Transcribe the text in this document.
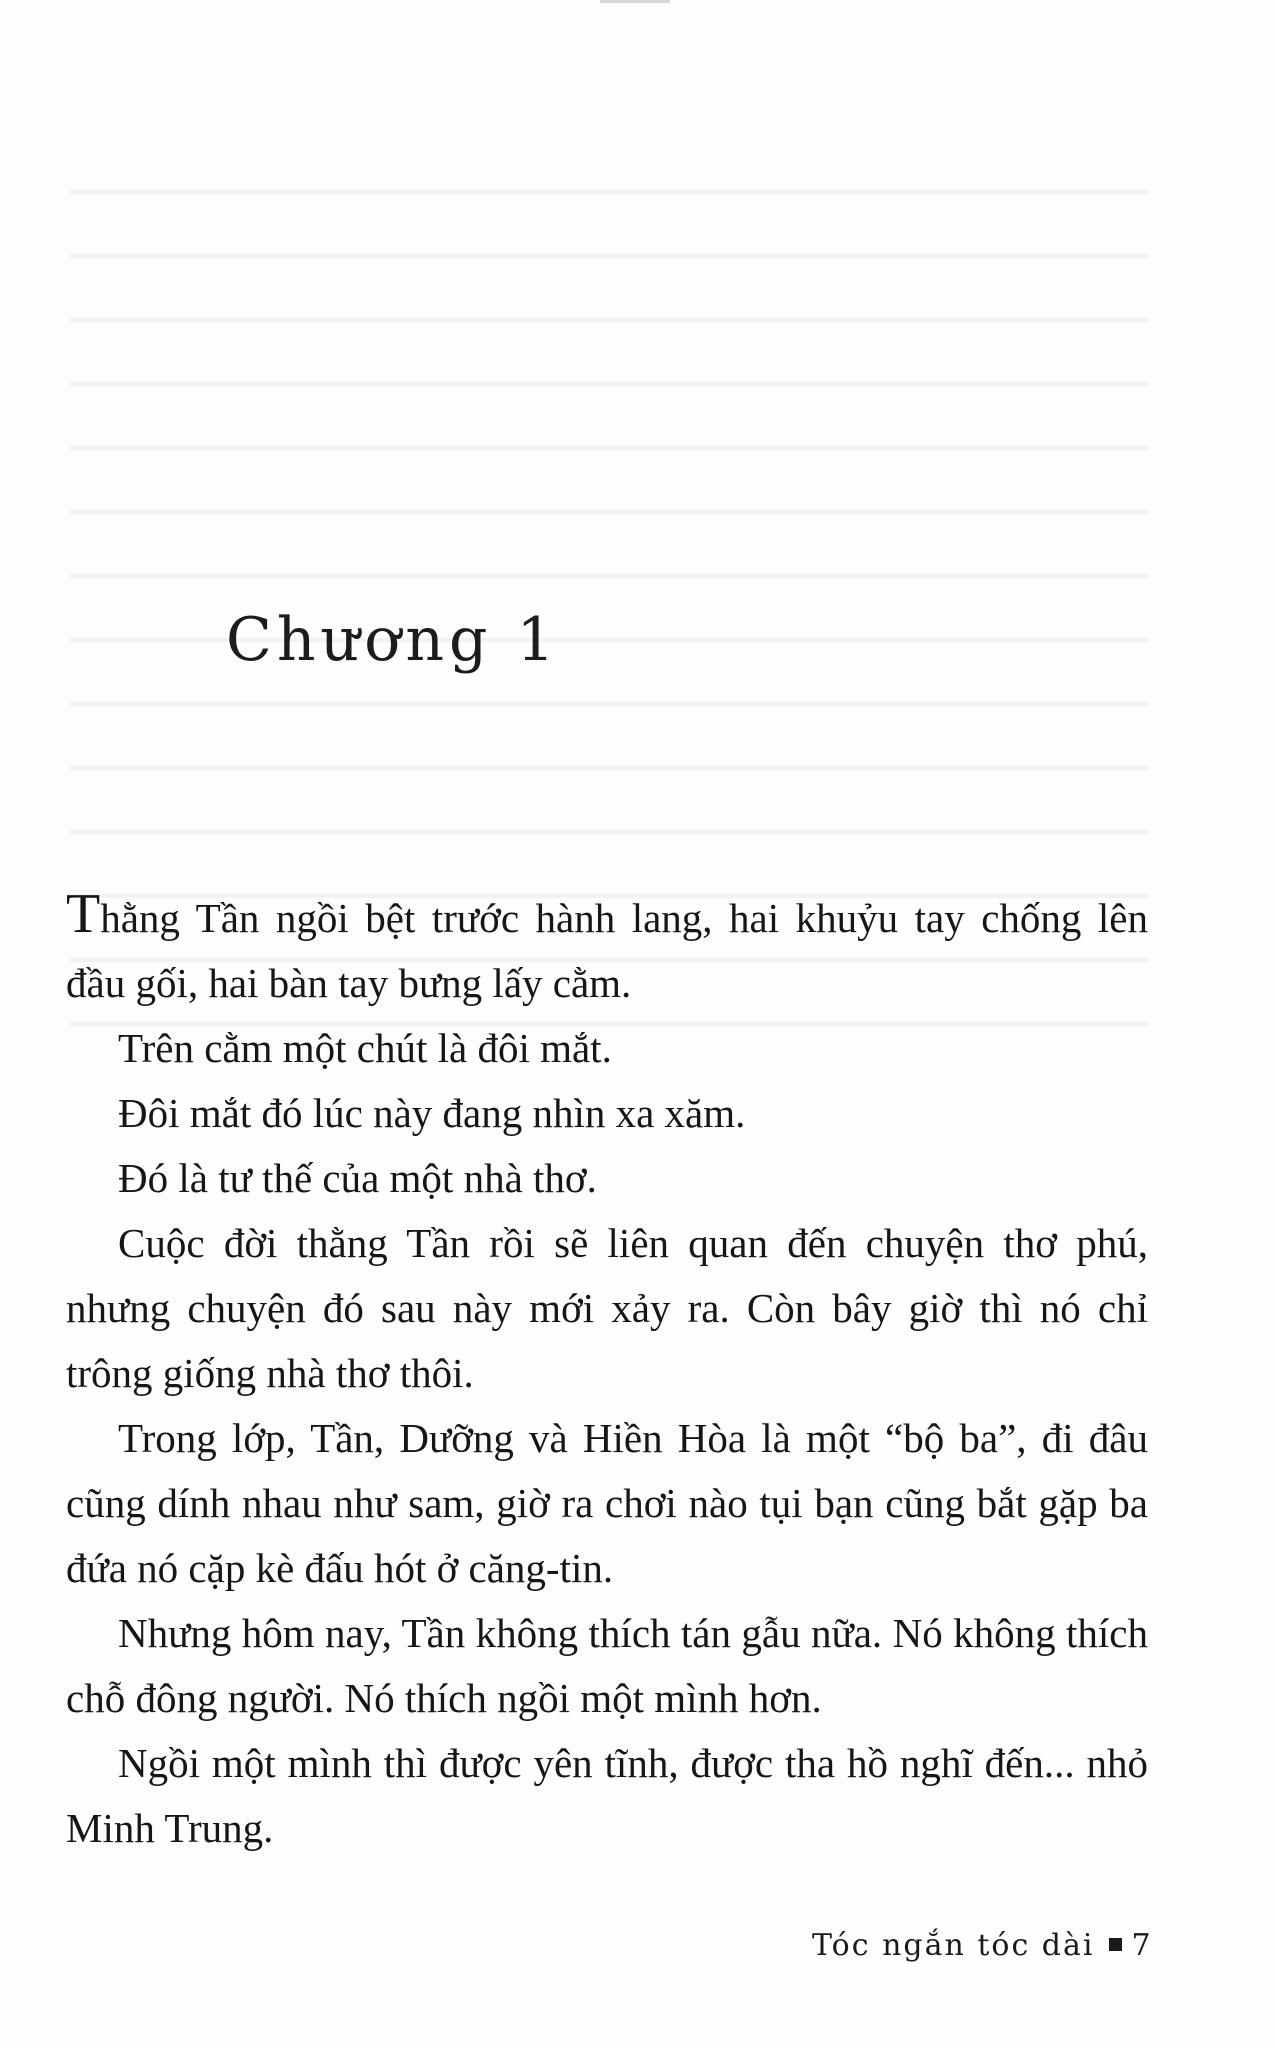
Chương 1

Thằng Tần ngồi bệt trước hành lang, hai khuỷu tay chống lên đầu gối, hai bàn tay bưng lấy cằm.

Trên cằm một chút là đôi mắt.

Đôi mắt đó lúc này đang nhìn xa xăm.

Đó là tư thế của một nhà thơ.

Cuộc đời thằng Tần rồi sẽ liên quan đến chuyện thơ phú, nhưng chuyện đó sau này mới xảy ra. Còn bây giờ thì nó chỉ trông giống nhà thơ thôi.

Trong lớp, Tần, Dưỡng và Hiền Hòa là một “bộ ba”, đi đâu cũng dính nhau như sam, giờ ra chơi nào tụi bạn cũng bắt gặp ba đứa nó cặp kè đấu hót ở căng-tin.

Nhưng hôm nay, Tần không thích tán gẫu nữa. Nó không thích chỗ đông người. Nó thích ngồi một mình hơn.

Ngồi một mình thì được yên tĩnh, được tha hồ nghĩ đến... nhỏ Minh Trung.

Tóc ngắn tóc dài 7
